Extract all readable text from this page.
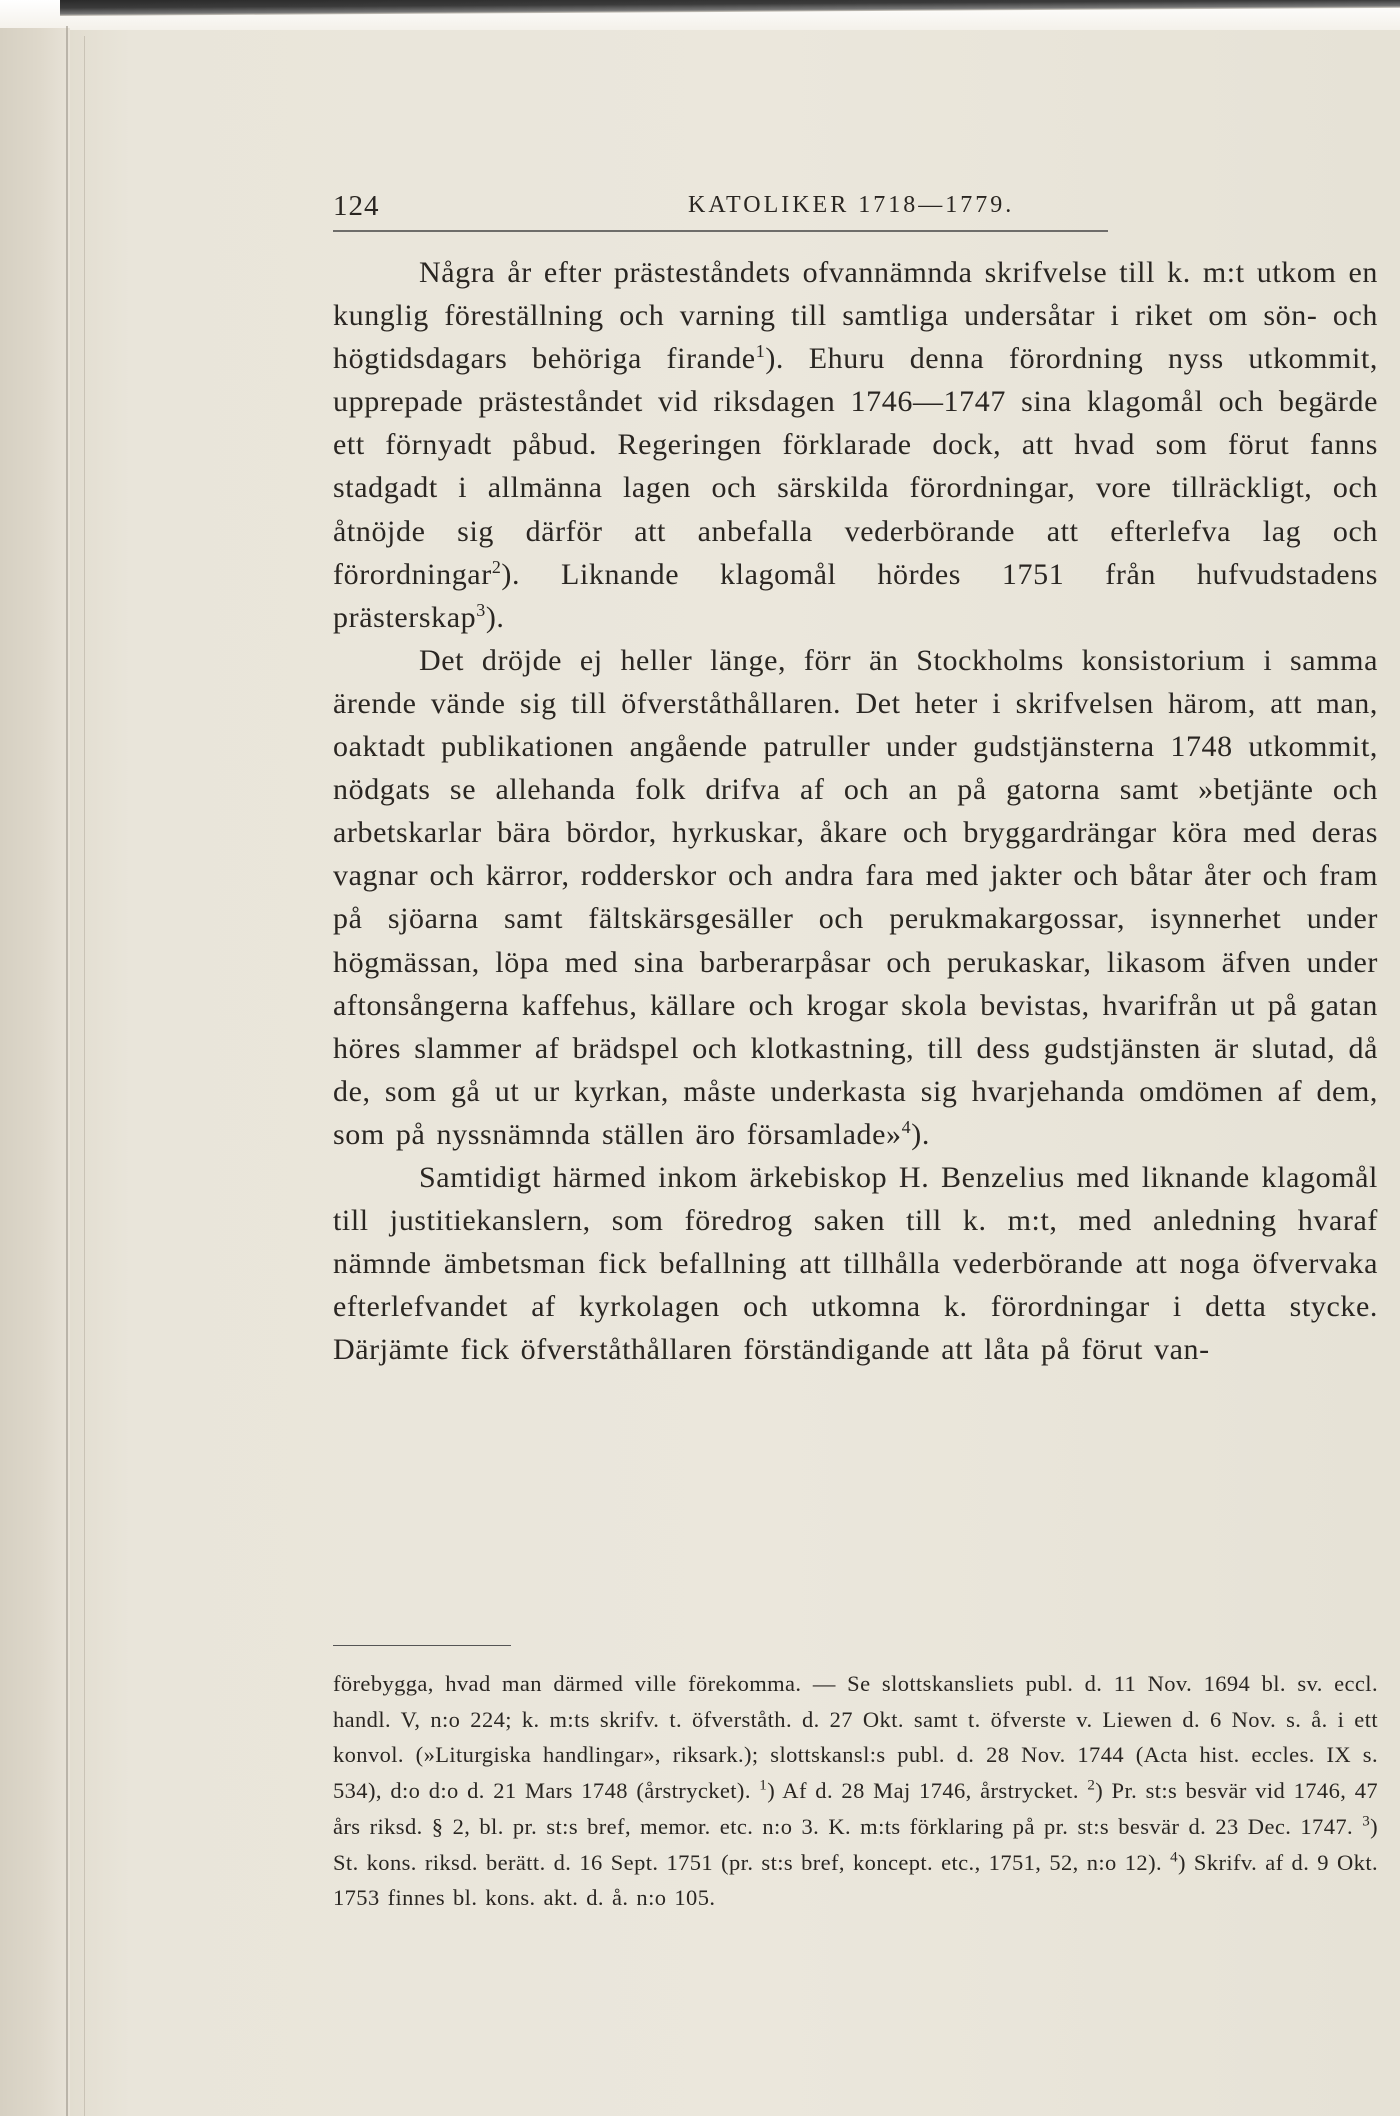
124	KATOLIKER 1718—1779.

Några år efter prästeståndets ofvannämnda skrifvelse till k. m:t utkom en kunglig föreställning och varning till samtliga undersåtar i riket om sön- och högtidsdagars behöriga firande$^1$). Ehuru denna förordning nyss utkommit, upprepade prästeståndet vid riksdagen 1746—1747 sina klagomål och begärde ett förnyadt påbud. Regeringen förklarade dock, att hvad som förut fanns stadgadt i allmänna lagen och särskilda förordningar, vore tillräckligt, och åtnöjde sig därför att anbefalla vederbörande att efterlefva lag och förordningar$^2$). Liknande klagomål hördes 1751 från hufvudstadens prästerskap$^3$).

Det dröjde ej heller länge, förr än Stockholms konsistorium i samma ärende vände sig till öfverståthållaren. Det heter i skrifvelsen härom, att man, oaktadt publikationen angående patruller under gudstjänsterna 1748 utkommit, nödgats se allehanda folk drifva af och an på gatorna samt »betjänte och arbetskarlar bära bördor, hyrkuskar, åkare och bryggardrängar köra med deras vagnar och kärror, rodderskor och andra fara med jakter och båtar åter och fram på sjöarna samt fältskärsgesäller och perukmakargossar, isynnerhet under högmässan, löpa med sina barberarpåsar och perukaskar, likasom äfven under aftonsångerna kaffehus, källare och krogar skola bevistas, hvarifrån ut på gatan höres slammer af brädspel och klotkastning, till dess gudstjänsten är slutad, då de, som gå ut ur kyrkan, måste underkasta sig hvarjehanda omdömen af dem, som på nyssnämnda ställen äro församlade»$^4$).

Samtidigt härmed inkom ärkebiskop H. Benzelius med liknande klagomål till justitiekanslern, som föredrog saken till k. m:t, med anledning hvaraf nämnde ämbetsman fick befallning att tillhålla vederbörande att noga öfvervaka efterlefvandet af kyrkolagen och utkomna k. förordningar i detta stycke. Därjämte fick öfverståthållaren förständigande att låta på förut van-

förebygga, hvad man därmed ville förekomma. — Se slottskansliets publ. d. 11 Nov. 1694 bl. sv. eccl. handl. V, n:o 224; k. m:ts skrifv. t. öfverståth. d. 27 Okt. samt t. öfverste v. Liewen d. 6 Nov. s. å. i ett konvol. (»Liturgiska handlingar», riksark.); slottskansl:s publ. d. 28 Nov. 1744 (Acta hist. eccles. IX s. 534), d:o d:o d. 21 Mars 1748 (årstrycket). $^1$) Af d. 28 Maj 1746, årstrycket. $^2$) Pr. st:s besvär vid 1746, 47 års riksd. § 2, bl. pr. st:s bref, memor. etc. n:o 3. K. m:ts förklaring på pr. st:s besvär d. 23 Dec. 1747. $^3$) St. kons. riksd. berätt. d. 16 Sept. 1751 (pr. st:s bref, koncept. etc., 1751, 52, n:o 12). $^4$) Skrifv. af d. 9 Okt. 1753 finnes bl. kons. akt. d. å. n:o 105.
